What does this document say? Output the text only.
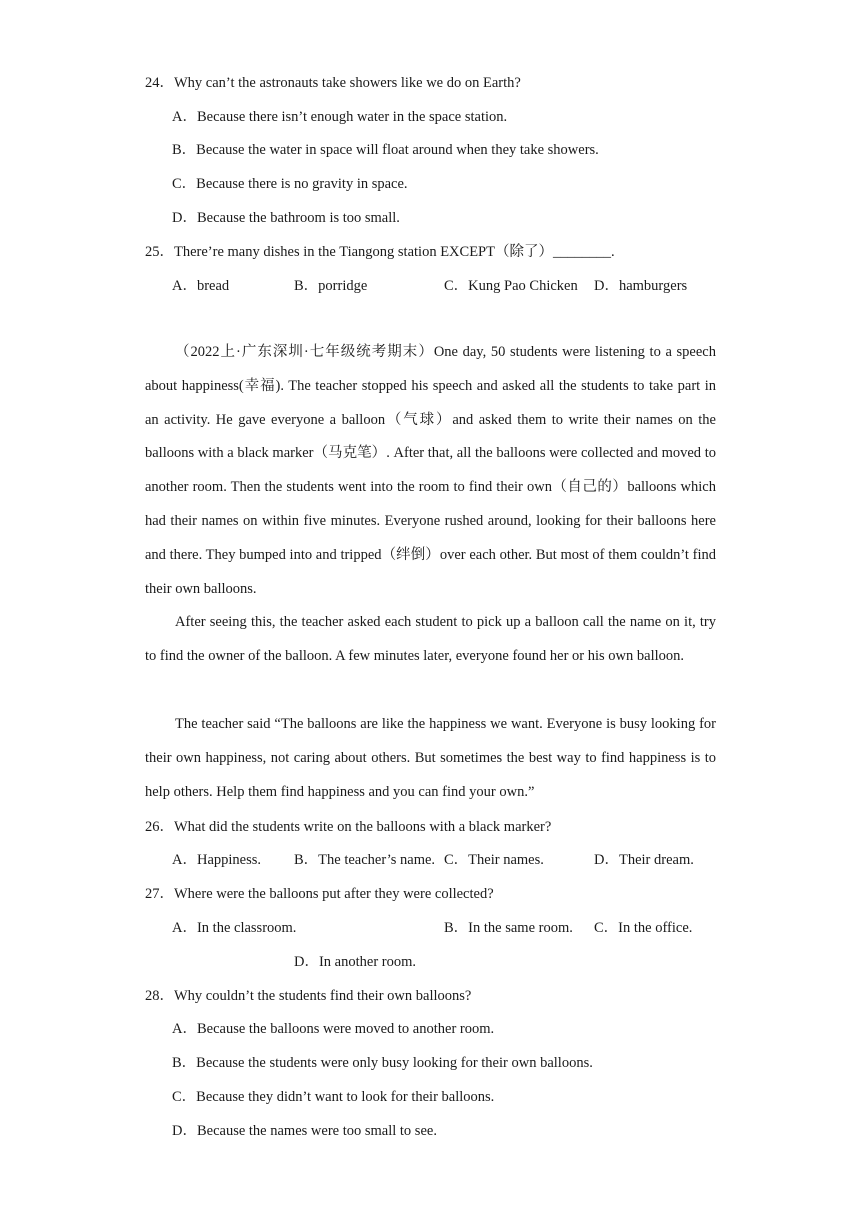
24．Why can’t the astronauts take showers like we do on Earth?
A．Because there isn’t enough water in the space station.
B．Because the water in space will float around when they take showers.
C．Because there is no gravity in space.
D．Because the bathroom is too small.
25．There’re many dishes in the Tiangong station EXCEPT（除了）________.
A．bread	B．porridge	C．Kung Pao Chicken D．hamburgers
（2022上·广东深圳·七年级统考期末）One day, 50 students were listening to a speech about happiness(幸福). The teacher stopped his speech and asked all the students to take part in an activity. He gave everyone a balloon（气球）and asked them to write their names on the balloons with a black marker（马克笔）. After that, all the balloons were collected and moved to another room. Then the students went into the room to find their own（自己的）balloons which had their names on within five minutes. Everyone rushed around, looking for their balloons here and there. They bumped into and tripped（绊倒）over each other. But most of them couldn’t find their own balloons.
After seeing this, the teacher asked each student to pick up a balloon call the name on it, try to find the owner of the balloon. A few minutes later, everyone found her or his own balloon.
The teacher said “The balloons are like the happiness we want. Everyone is busy looking for their own happiness, not caring about others. But sometimes the best way to find happiness is to help others. Help them find happiness and you can find your own.”
26．What did the students write on the balloons with a black marker?
A．Happiness. B．The teacher’s name. C．Their names.	D．Their dream.
27．Where were the balloons put after they were collected?
A．In the classroom.	B．In the same room. C．In the office.
D．In another room.
28．Why couldn’t the students find their own balloons?
A．Because the balloons were moved to another room.
B．Because the students were only busy looking for their own balloons.
C．Because they didn’t want to look for their balloons.
D．Because the names were too small to see.
